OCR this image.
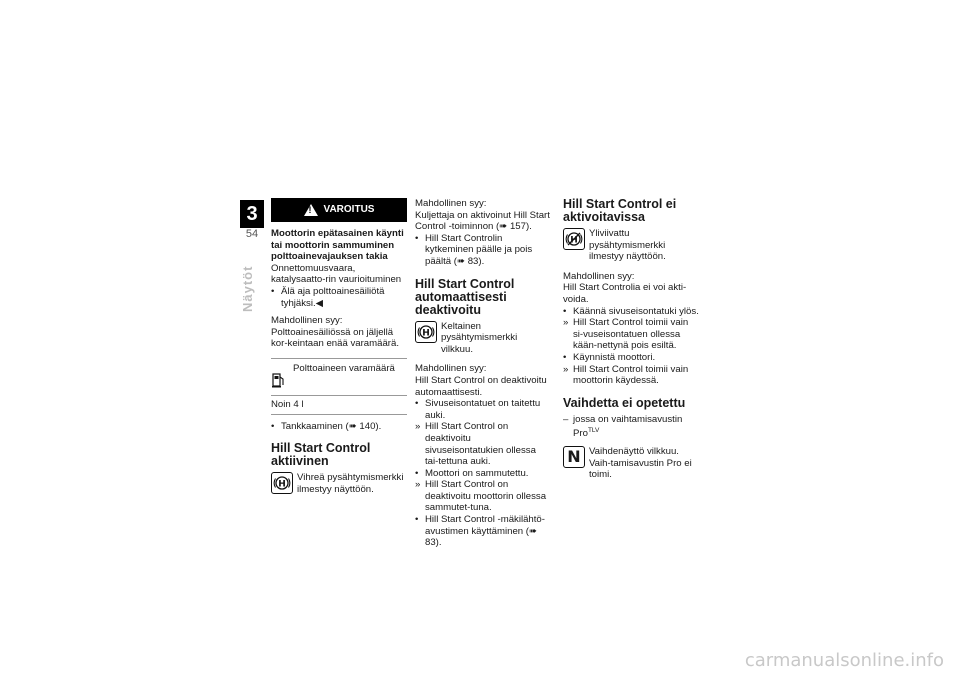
3
54
Näytöt
!
VAROITUS
Moottorin epätasainen käynti tai moottorin sammuminen polttoainevajauksen takia
Onnettomuusvaara, katalysaatto-rin vaurioituminen
• Älä aja polttoainesäiliötä tyhjäksi.◀
Mahdollinen syy:

Polttoainesäiliössä on jäljellä kor-keintaan enää varamäärä.

Polttoaineen varamäärä
Noin 4 l
• Tankkaaminen (➠ 140).
Hill Start Control aktiivinen
H
Vihreä pysähtymismerkki ilmestyy näyttöön.
Mahdollinen syy:
Kuljettaja on aktivoinut Hill Start Control -toiminnon (➠ 157).
• Hill Start Controlin kytkeminen päälle ja pois päältä (➠ 83).
Hill Start Control automaattisesti deaktivoitu
H
Keltainen pysähtymismerkki vilkkuu.
Mahdollinen syy:
Hill Start Control on deaktivoitu automaattisesti.
• Sivuseisontatuet on taitettu auki.
» Hill Start Control on deaktivoitu sivuseisontatukien ollessa tai-tettuna auki.
• Moottori on sammutettu.
» Hill Start Control on deaktivoitu moottorin ollessa sammutet-tuna.
• Hill Start Control -mäkilähtö-avustimen käyttäminen (➠ 83).
Hill Start Control ei aktivoitavissa
H
Yliviivattu pysähtymismerkki ilmestyy näyttöön.
Mahdollinen syy:
Hill Start Controlia ei voi akti-voida.
• Käännä sivuseisontatuki ylös.
» Hill Start Control toimii vain si-vuseisontatuen ollessa kään-nettynä pois esiltä.
• Käynnistä moottori.
» Hill Start Control toimii vain moottorin käydessä.
Vaihdetta ei opetettu
– jossa on vaihtamisavustin Pro$^{TLV}$
N Vaihdenäyttö vilkkuu. Vaih-tamisavustin Pro ei toimi.
carmanualsonline.info
